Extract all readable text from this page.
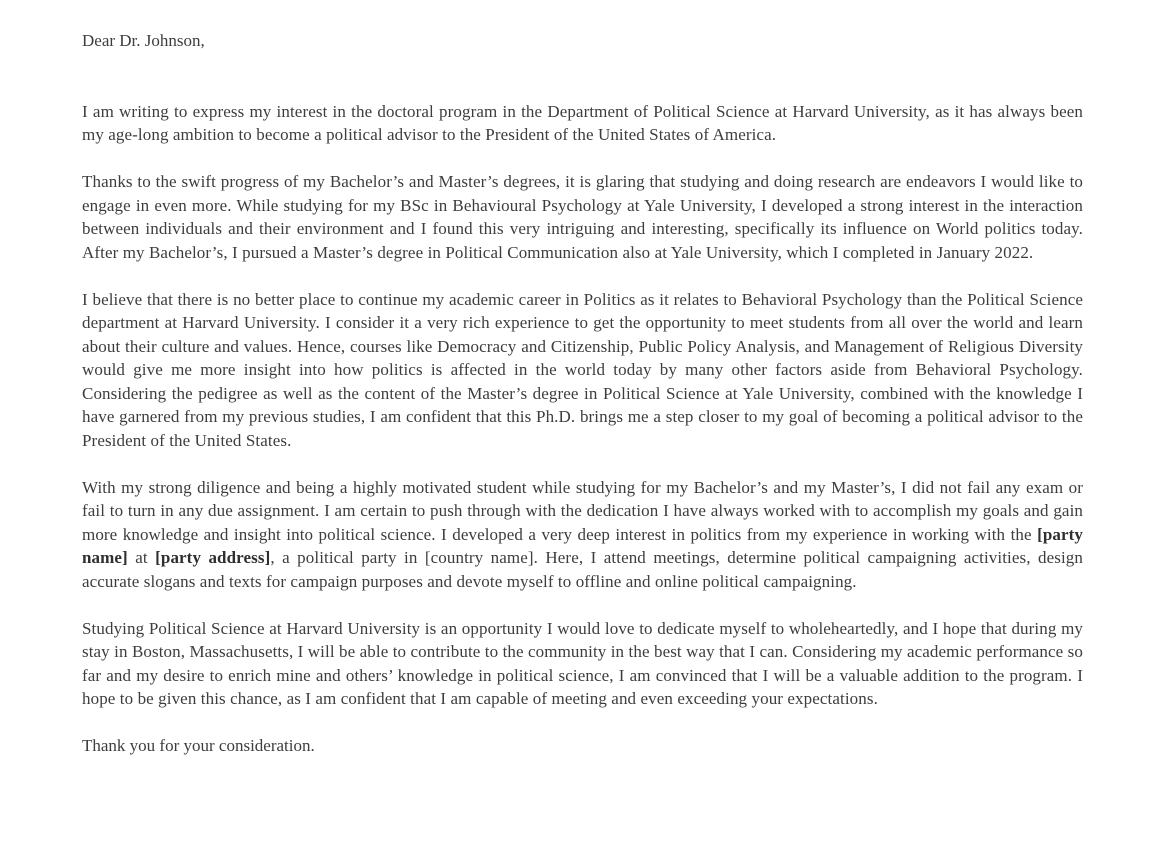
Dear Dr. Johnson,

I am writing to express my interest in the doctoral program in the Department of Political Science at Harvard University, as it has always been my age-long ambition to become a political advisor to the President of the United States of America.

Thanks to the swift progress of my Bachelor’s and Master’s degrees, it is glaring that studying and doing research are endeavors I would like to engage in even more. While studying for my BSc in Behavioural Psychology at Yale University, I developed a strong interest in the interaction between individuals and their environment and I found this very intriguing and interesting, specifically its influence on World politics today. After my Bachelor’s, I pursued a Master’s degree in Political Communication also at Yale University, which I completed in January 2022.

I believe that there is no better place to continue my academic career in Politics as it relates to Behavioral Psychology than the Political Science department at Harvard University. I consider it a very rich experience to get the opportunity to meet students from all over the world and learn about their culture and values. Hence, courses like Democracy and Citizenship, Public Policy Analysis, and Management of Religious Diversity would give me more insight into how politics is affected in the world today by many other factors aside from Behavioral Psychology. Considering the pedigree as well as the content of the Master’s degree in Political Science at Yale University, combined with the knowledge I have garnered from my previous studies, I am confident that this Ph.D. brings me a step closer to my goal of becoming a political advisor to the President of the United States.

With my strong diligence and being a highly motivated student while studying for my Bachelor’s and my Master’s, I did not fail any exam or fail to turn in any due assignment. I am certain to push through with the dedication I have always worked with to accomplish my goals and gain more knowledge and insight into political science. I developed a very deep interest in politics from my experience in working with the [party name] at [party address], a political party in [country name]. Here, I attend meetings, determine political campaigning activities, design accurate slogans and texts for campaign purposes and devote myself to offline and online political campaigning.

Studying Political Science at Harvard University is an opportunity I would love to dedicate myself to wholeheartedly, and I hope that during my stay in Boston, Massachusetts, I will be able to contribute to the community in the best way that I can. Considering my academic performance so far and my desire to enrich mine and others’ knowledge in political science, I am convinced that I will be a valuable addition to the program. I hope to be given this chance, as I am confident that I am capable of meeting and even exceeding your expectations.

Thank you for your consideration.
